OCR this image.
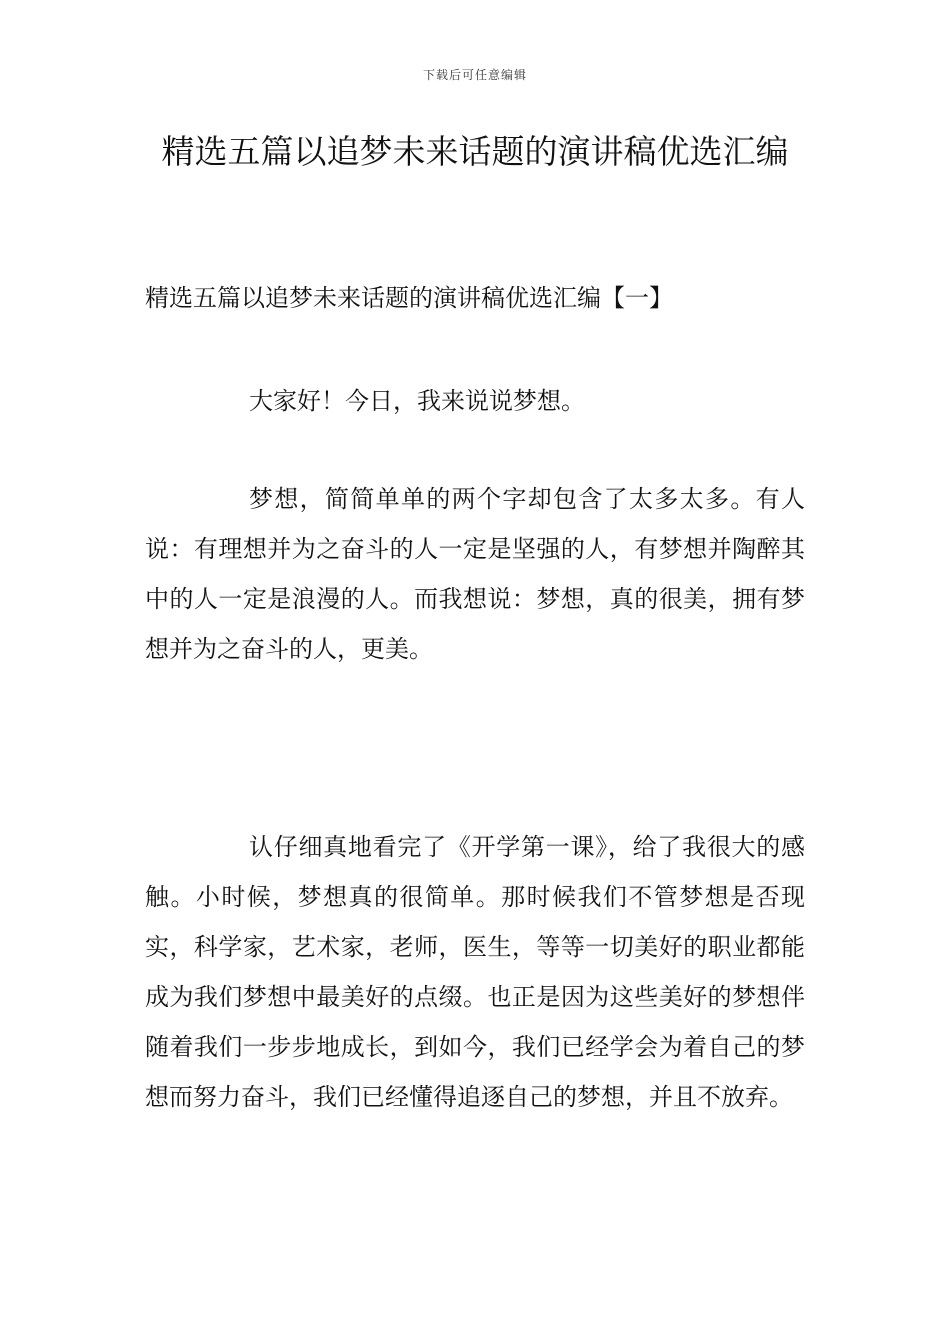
下载后可任意编辑
精选五篇以追梦未来话题的演讲稿优选汇编
精选五篇以追梦未来话题的演讲稿优选汇编【一】

大家好！今日，我来说说梦想。

梦想，简简单单的两个字却包含了太多太多。有人说：有理想并为之奋斗的人一定是坚强的人，有梦想并陶醉其中的人一定是浪漫的人。而我想说：梦想，真的很美，拥有梦想并为之奋斗的人，更美。

认仔细真地看完了《开学第一课》，给了我很大的感触。小时候，梦想真的很简单。那时候我们不管梦想是否现实，科学家，艺术家，老师，医生，等等一切美好的职业都能成为我们梦想中最美好的点缀。也正是因为这些美好的梦想伴随着我们一步步地成长，到如今，我们已经学会为着自己的梦想而努力奋斗，我们已经懂得追逐自己的梦想，并且不放弃。
